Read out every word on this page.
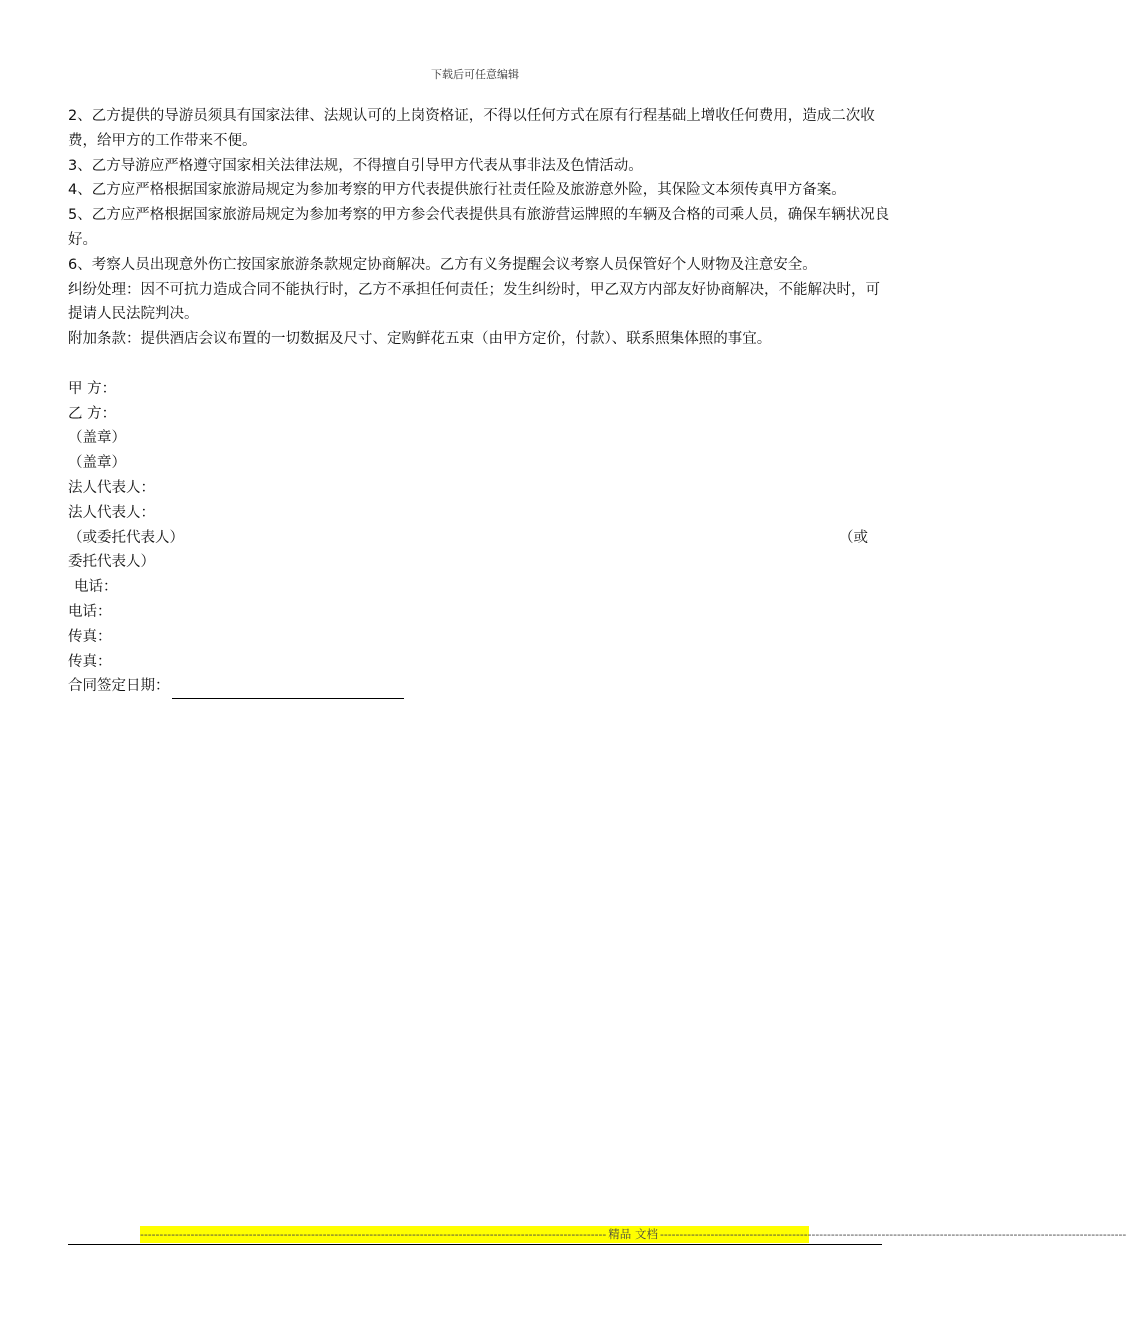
下载后可任意编辑

2、乙方提供的导游员须具有国家法律、法规认可的上岗资格证，不得以任何方式在原有行程基础上增收任何费用，造成二次收费，给甲方的工作带来不便。

3、乙方导游应严格遵守国家相关法律法规，不得擅自引导甲方代表从事非法及色情活动。

4、乙方应严格根据国家旅游局规定为参加考察的甲方代表提供旅行社责任险及旅游意外险，其保险文本须传真甲方备案。

5、乙方应严格根据国家旅游局规定为参加考察的甲方参会代表提供具有旅游营运牌照的车辆及合格的司乘人员，确保车辆状况良好。

6、考察人员出现意外伤亡按国家旅游条款规定协商解决。乙方有义务提醒会议考察人员保管好个人财物及注意安全。

纠纷处理：因不可抗力造成合同不能执行时，乙方不承担任何责任；发生纠纷时，甲乙双方内部友好协商解决，不能解决时，可提请人民法院判决。

附加条款：提供酒店会议布置的一切数据及尺寸、定购鲜花五束（由甲方定价，付款）、联系照集体照的事宜。

甲 方：

乙 方：

（盖章）

（盖章）

法人代表人：

法人代表人：

（或委托代表人）	（或

委托代表人）

电话：

电话：

传真：

传真：

合同签定日期：
------------------------------------------------------------------------------------------------------------------------ 精品 文档 ------------------------------------------------------------------------------------------------------------------------
